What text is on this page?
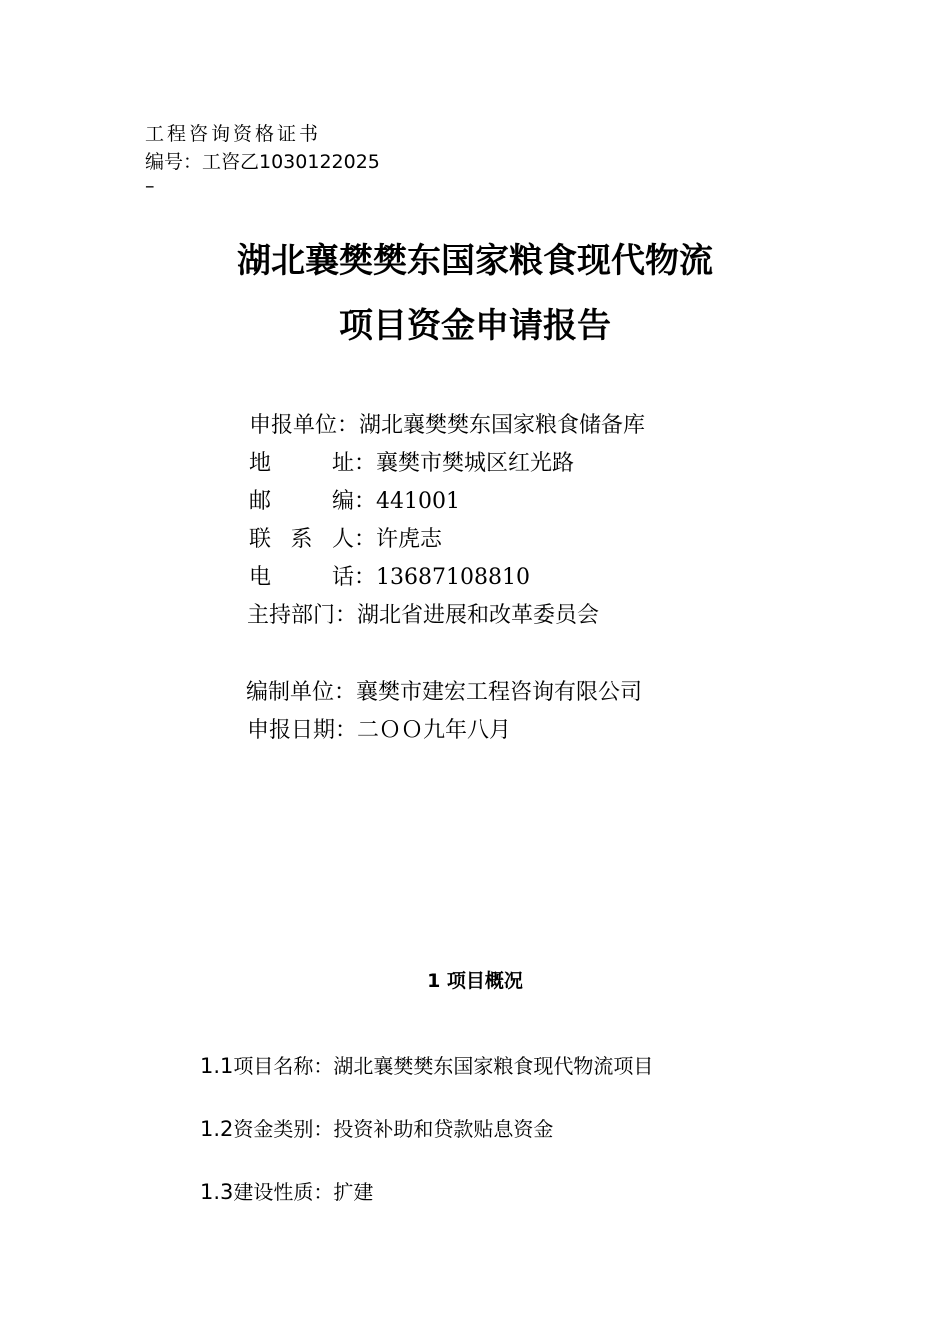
工程咨询资格证书
编号：工咨乙1030122025
–
湖北襄樊樊东国家粮食现代物流
项目资金申请报告
申报单位：湖北襄樊樊东国家粮食储备库
地	址： 襄樊市樊城区红光路
邮	编： 441001
联 系 人： 许虎志
电	话： 13687108810
主持部门：湖北省进展和改革委员会
编制单位：襄樊市建宏工程咨询有限公司
申报日期：二ＯＯ九年八月
1 项目概况
1.1项目名称：湖北襄樊樊东国家粮食现代物流项目
1.2资金类别：投资补助和贷款贴息资金
1.3建设性质：扩建
